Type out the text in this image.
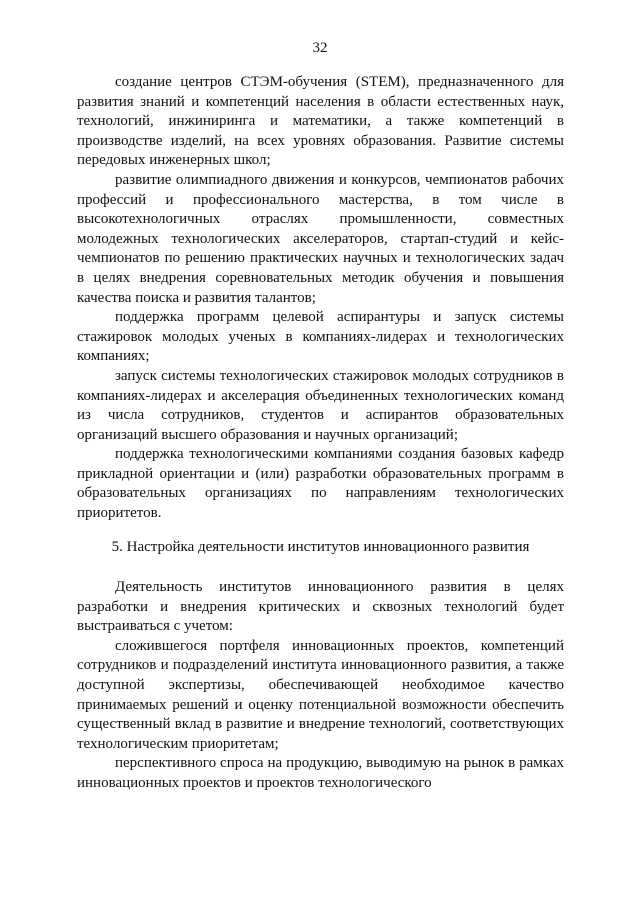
32

создание центров СТЭМ-обучения (STEM), предназначенного для развития знаний и компетенций населения в области естественных наук, технологий, инжиниринга и математики, а также компетенций в производстве изделий, на всех уровнях образования. Развитие системы передовых инженерных школ;

развитие олимпиадного движения и конкурсов, чемпионатов рабочих профессий и профессионального мастерства, в том числе в высокотехнологичных отраслях промышленности, совместных молодежных технологических акселераторов, стартап-студий и кейс-чемпионатов по решению практических научных и технологических задач в целях внедрения соревновательных методик обучения и повышения качества поиска и развития талантов;

поддержка программ целевой аспирантуры и запуск системы стажировок молодых ученых в компаниях-лидерах и технологических компаниях;

запуск системы технологических стажировок молодых сотрудников в компаниях-лидерах и акселерация объединенных технологических команд из числа сотрудников, студентов и аспирантов образовательных организаций высшего образования и научных организаций;

поддержка технологическими компаниями создания базовых кафедр прикладной ориентации и (или) разработки образовательных программ в образовательных организациях по направлениям технологических приоритетов.

5. Настройка деятельности институтов инновационного развития

Деятельность институтов инновационного развития в целях разработки и внедрения критических и сквозных технологий будет выстраиваться с учетом:

сложившегося портфеля инновационных проектов, компетенций сотрудников и подразделений института инновационного развития, а также доступной экспертизы, обеспечивающей необходимое качество принимаемых решений и оценку потенциальной возможности обеспечить существенный вклад в развитие и внедрение технологий, соответствующих технологическим приоритетам;

перспективного спроса на продукцию, выводимую на рынок в рамках инновационных проектов и проектов технологического
